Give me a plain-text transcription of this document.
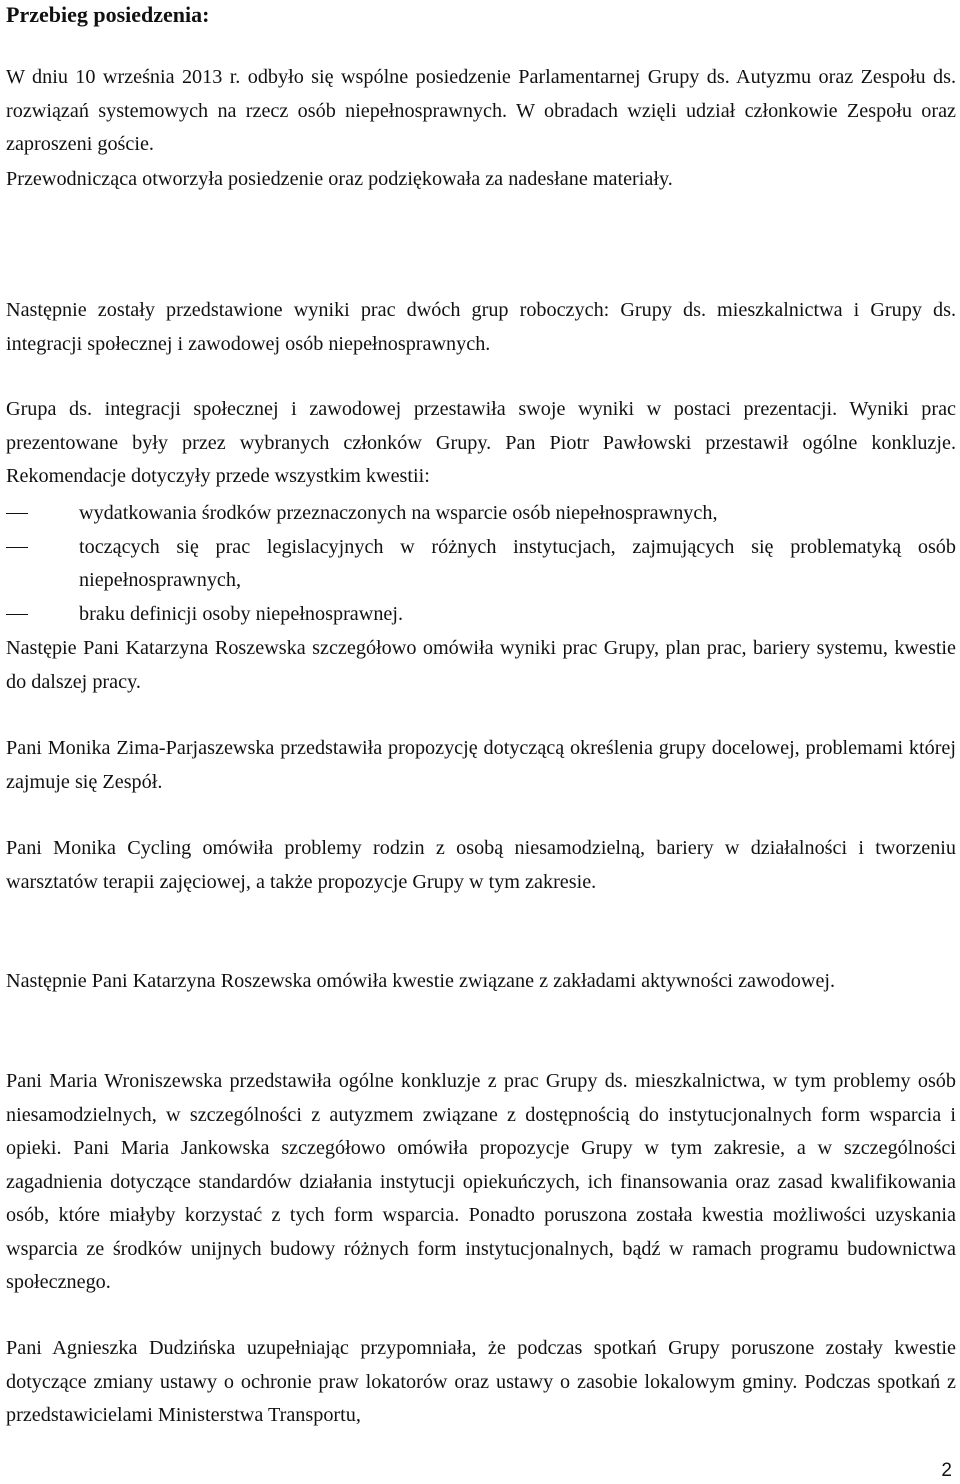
Przebieg posiedzenia:

W dniu 10 września 2013 r. odbyło się wspólne posiedzenie Parlamentarnej Grupy ds. Autyzmu oraz Zespołu ds. rozwiązań systemowych na rzecz osób niepełnosprawnych. W obradach wzięli udział członkowie Zespołu oraz zaproszeni goście.

Przewodnicząca otworzyła posiedzenie oraz podziękowała za nadesłane materiały.

Następnie zostały przedstawione wyniki prac dwóch grup roboczych: Grupy ds. mieszkalnictwa i Grupy ds. integracji społecznej i zawodowej osób niepełnosprawnych.

Grupa ds. integracji społecznej i zawodowej przestawiła swoje wyniki w postaci prezentacji. Wyniki prac prezentowane były przez wybranych członków Grupy. Pan Piotr Pawłowski przestawił ogólne konkluzje. Rekomendacje dotyczyły przede wszystkim kwestii:

wydatkowania środków przeznaczonych na wsparcie osób niepełnosprawnych,
toczących się prac legislacyjnych w różnych instytucjach, zajmujących się problematyką osób niepełnosprawnych,
braku definicji osoby niepełnosprawnej.

Następie Pani Katarzyna Roszewska szczegółowo omówiła wyniki prac Grupy, plan prac, bariery systemu, kwestie do dalszej pracy.

Pani Monika Zima-Parjaszewska przedstawiła propozycję dotyczącą określenia grupy docelowej, problemami której zajmuje się Zespół.

Pani Monika Cycling omówiła problemy rodzin z osobą niesamodzielną, bariery w działalności i tworzeniu warsztatów terapii zajęciowej, a także propozycje Grupy w tym zakresie.

Następnie Pani Katarzyna Roszewska omówiła kwestie związane z zakładami aktywności zawodowej.

Pani Maria Wroniszewska przedstawiła ogólne konkluzje z prac Grupy ds. mieszkalnictwa, w tym problemy osób niesamodzielnych, w szczególności z autyzmem związane z dostępnością do instytucjonalnych form wsparcia i opieki. Pani Maria Jankowska szczegółowo omówiła propozycje Grupy w tym zakresie, a w szczególności zagadnienia dotyczące standardów działania instytucji opiekuńczych, ich finansowania oraz zasad kwalifikowania osób, które miałyby korzystać z tych form wsparcia. Ponadto poruszona została kwestia możliwości uzyskania wsparcia ze środków unijnych budowy różnych form instytucjonalnych, bądź w ramach programu budownictwa społecznego.

Pani Agnieszka Dudzińska uzupełniając przypomniała, że podczas spotkań Grupy poruszone zostały kwestie dotyczące zmiany ustawy o ochronie praw lokatorów oraz ustawy o zasobie lokalowym gminy. Podczas spotkań z przedstawicielami Ministerstwa Transportu,

2
